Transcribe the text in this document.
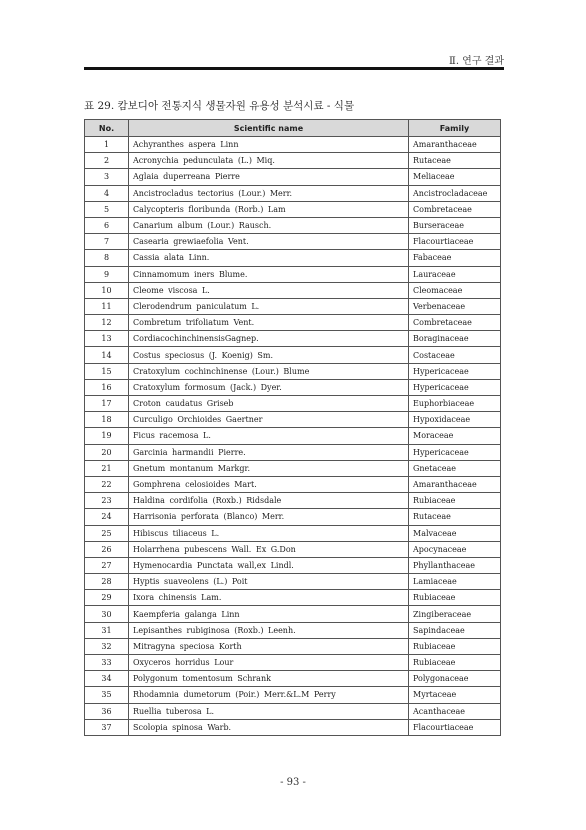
Ⅱ. 연구 결과
표 29. 캄보디아 전통지식 생물자원 유용성 분석시료 - 식물
No.	Scientific name	Family
1	Achyranthes aspera Linn	Amaranthaceae
2	Acronychia pedunculata (L.) Miq.	Rutaceae
3	Aglaia duperreana Pierre	Meliaceae
4	Ancistrocladus tectorius (Lour.) Merr.	Ancistrocladaceae
5	Calycopteris floribunda (Rorb.) Lam	Combretaceae
6	Canarium album (Lour.) Rausch.	Burseraceae
7	Casearia grewiaefolia Vent.	Flacourtiaceae
8	Cassia alata Linn.	Fabaceae
9	Cinnamomum iners Blume.	Lauraceae
10	Cleome viscosa L.	Cleomaceae
11	Clerodendrum paniculatum L.	Verbenaceae
12	Combretum trifoliatum Vent.	Combretaceae
13	CordiacochinchinensisGagnep.	Boraginaceae
14	Costus speciosus (J. Koenig) Sm.	Costaceae
15	Cratoxylum cochinchinense (Lour.) Blume	Hypericaceae
16	Cratoxylum formosum (Jack.) Dyer.	Hypericaceae
17	Croton caudatus Griseb	Euphorbiaceae
18	Curculigo Orchioides Gaertner	Hypoxidaceae
19	Ficus racemosa L.	Moraceae
20	Garcinia harmandii Pierre.	Hypericaceae
21	Gnetum montanum Markgr.	Gnetaceae
22	Gomphrena celosioides Mart.	Amaranthaceae
23	Haldina cordifolia (Roxb.) Ridsdale	Rubiaceae
24	Harrisonia perforata (Blanco) Merr.	Rutaceae
25	Hibiscus tiliaceus L.	Malvaceae
26	Holarrhena pubescens Wall. Ex G.Don	Apocynaceae
27	Hymenocardia Punctata wall,ex Lindl.	Phyllanthaceae
28	Hyptis suaveolens (L.) Poit	Lamiaceae
29	Ixora chinensis Lam.	Rubiaceae
30	Kaempferia galanga Linn	Zingiberaceae
31	Lepisanthes rubiginosa (Roxb.) Leenh.	Sapindaceae
32	Mitragyna speciosa Korth	Rubiaceae
33	Oxyceros horridus Lour	Rubiaceae
34	Polygonum tomentosum Schrank	Polygonaceae
35	Rhodamnia dumetorum (Poir.) Merr.&L.M Perry	Myrtaceae
36	Ruellia tuberosa L.	Acanthaceae
37	Scolopia spinosa Warb.	Flacourtiaceae
- 93 -
